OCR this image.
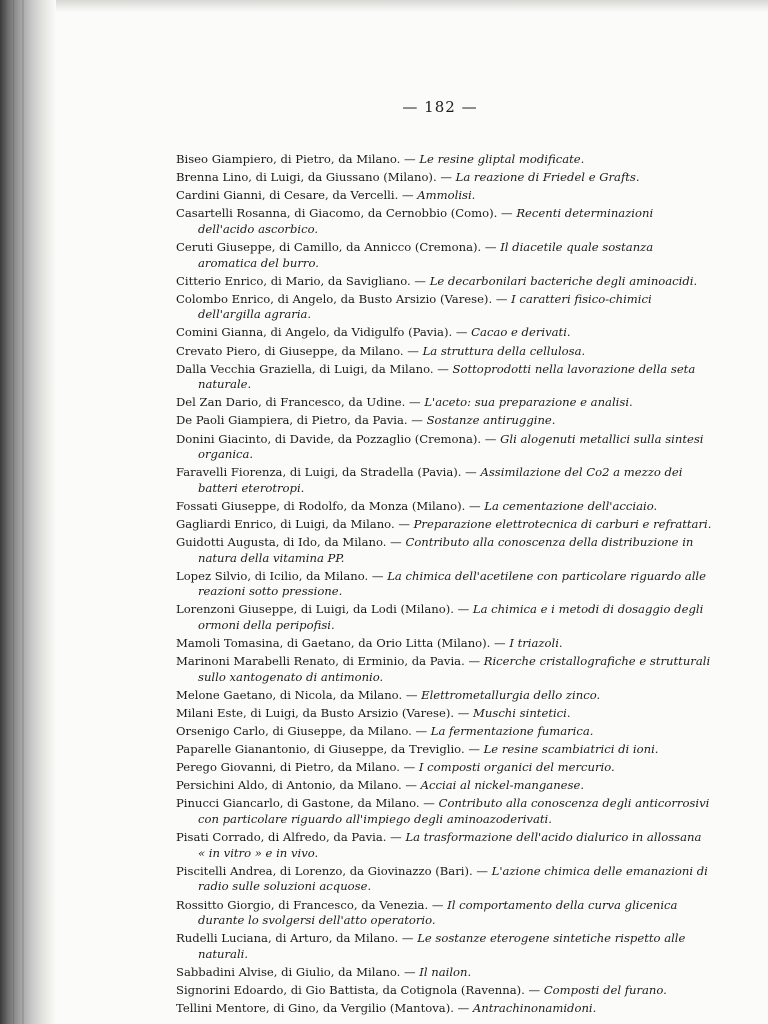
— 182 —
Biseo Giampiero, di Pietro, da Milano. — Le resine gliptal modificate.
Brenna Lino, di Luigi, da Giussano (Milano). — La reazione di Friedel e Grafts.
Cardini Gianni, di Cesare, da Vercelli. — Ammolisi.
Casartelli Rosanna, di Giacomo, da Cernobbio (Como). — Recenti determinazioni dell'acido ascorbico.
Ceruti Giuseppe, di Camillo, da Annicco (Cremona). — Il diacetile quale sostanza aromatica del burro.
Citterio Enrico, di Mario, da Savigliano. — Le decarbonilari bacteriche degli aminoacidi.
Colombo Enrico, di Angelo, da Busto Arsizio (Varese). — I caratteri fisico-chimici dell'argilla agraria.
Comini Gianna, di Angelo, da Vidigulfo (Pavia). — Cacao e derivati.
Crevato Piero, di Giuseppe, da Milano. — La struttura della cellulosa.
Dalla Vecchia Graziella, di Luigi, da Milano. — Sottoprodotti nella lavorazione della seta naturale.
Del Zan Dario, di Francesco, da Udine. — L'aceto: sua preparazione e analisi.
De Paoli Giampiera, di Pietro, da Pavia. — Sostanze antiruggine.
Donini Giacinto, di Davide, da Pozzaglio (Cremona). — Gli alogenuti metallici sulla sintesi organica.
Faravelli Fiorenza, di Luigi, da Stradella (Pavia). — Assimilazione del Co2 a mezzo dei batteri eterotropi.
Fossati Giuseppe, di Rodolfo, da Monza (Milano). — La cementazione dell'acciaio.
Gagliardi Enrico, di Luigi, da Milano. — Preparazione elettrotecnica di carburi e refrattari.
Guidotti Augusta, di Ido, da Milano. — Contributo alla conoscenza della distribuzione in natura della vitamina PP.
Lopez Silvio, di Icilio, da Milano. — La chimica dell'acetilene con particolare riguardo alle reazioni sotto pressione.
Lorenzoni Giuseppe, di Luigi, da Lodi (Milano). — La chimica e i metodi di dosaggio degli ormoni della peripofisi.
Mamoli Tomasina, di Gaetano, da Orio Litta (Milano). — I triazoli.
Marinoni Marabelli Renato, di Erminio, da Pavia. — Ricerche cristallografiche e strutturali sullo xantogenato di antimonio.
Melone Gaetano, di Nicola, da Milano. — Elettrometallurgia dello zinco.
Milani Este, di Luigi, da Busto Arsizio (Varese). — Muschi sintetici.
Orsenigo Carlo, di Giuseppe, da Milano. — La fermentazione fumarica.
Paparelle Gianantonio, di Giuseppe, da Treviglio. — Le resine scambiatrici di ioni.
Perego Giovanni, di Pietro, da Milano. — I composti organici del mercurio.
Persichini Aldo, di Antonio, da Milano. — Acciai al nickel-manganese.
Pinucci Giancarlo, di Gastone, da Milano. — Contributo alla conoscenza degli anticorrosivi con particolare riguardo all'impiego degli aminoazoderivati.
Pisati Corrado, di Alfredo, da Pavia. — La trasformazione dell'acido dialurico in allossana « in vitro » e in vivo.
Piscitelli Andrea, di Lorenzo, da Giovinazzo (Bari). — L'azione chimica delle emanazioni di radio sulle soluzioni acquose.
Rossitto Giorgio, di Francesco, da Venezia. — Il comportamento della curva glicenica durante lo svolgersi dell'atto operatorio.
Rudelli Luciana, di Arturo, da Milano. — Le sostanze eterogene sintetiche rispetto alle naturali.
Sabbadini Alvise, di Giulio, da Milano. — Il nailon.
Signorini Edoardo, di Gio Battista, da Cotignola (Ravenna). — Composti del furano.
Tellini Mentore, di Gino, da Vergilio (Mantova). — Antrachinonamidoni.
